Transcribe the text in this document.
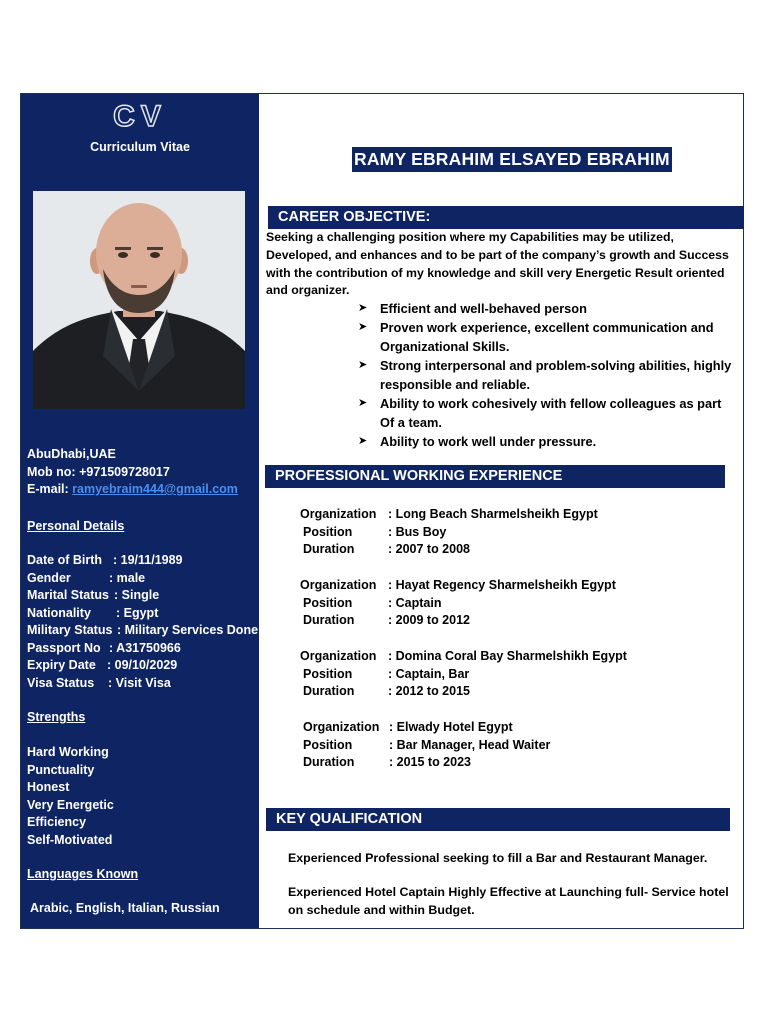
CV
Curriculum Vitae
AbuDhabi,UAE
Mob no: +971509728017
E-mail: ramyebraim444@gmail.com
Personal Details
Date of Birth : 19/11/1989
Gender	: male
Marital Status : Single
Nationality : Egypt
Military Status : Military Services Done
Passport No : A31750966
Expiry Date : 09/10/2029
Visa Status : Visit Visa
Strengths
Hard Working
Punctuality
Honest
Very Energetic
Efficiency
Self-Motivated
Languages Known
Arabic, English, Italian, Russian
RAMY EBRAHIM ELSAYED EBRAHIM
CAREER OBJECTIVE:
Seeking a challenging position where my Capabilities may be utilized, Developed, and enhances and to be part of the company’s growth and Success with the contribution of my knowledge and skill very Energetic Result oriented and organizer.
➤ Efficient and well-behaved person
➤ Proven work experience, excellent communication and Organizational Skills.
➤ Strong interpersonal and problem-solving abilities, highly responsible and reliable.
➤ Ability to work cohesively with fellow colleagues as part Of a team.
➤ Ability to work well under pressure.
PROFESSIONAL WORKING EXPERIENCE
Organization : Long Beach Sharmelsheikh Egypt
Position	: Bus Boy
Duration	: 2007 to 2008
Organization : Hayat Regency Sharmelsheikh Egypt
Position	: Captain
Duration	: 2009 to 2012
Organization : Domina Coral Bay Sharmelshikh Egypt
Position	: Captain, Bar
Duration	: 2012 to 2015
Organization : Elwady Hotel Egypt
Position	: Bar Manager, Head Waiter
Duration	: 2015 to 2023
KEY QUALIFICATION
Experienced Professional seeking to fill a Bar and Restaurant Manager.
Experienced Hotel Captain Highly Effective at Launching full- Service hotel on schedule and within Budget.
